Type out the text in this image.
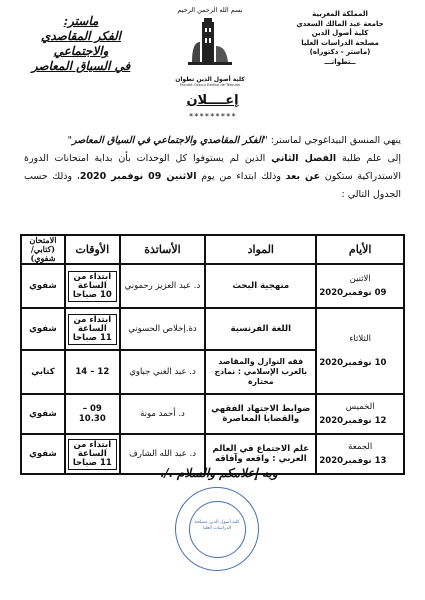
المملكة المغربية
جامعة عبد المالك السعدي
كلية أصول الدين
مصلحة الدراسات العليا
(ماستر - دكتوراه)
ــتطوانـــ
بسم الله الرحمن الرحيم
كلية أصول الدين تطوان
Faculté Ossoul Eddine de Tétouan
ماستر:
الفكر المقاصدي والاجتماعي
في السياق المعاصر
إعــــلان
*********
ينهي المنسق البيداغوجي لماستر: "الفكر المقاصدي والاجتماعي في السياق المعاصر"
إلى علم طلبة الفصل الثاني الذين لم يستوفوا كل الوحدات بأن بداية امتحانات الدورة الاستدراكية ستكون عن بعد وذلك ابتداء من يوم الاثنين 09 نوفمبر 2020، وذلك حسب الجدول التالي :
الأيام	المواد	الأساتذة	الأوقات	الامتحان (كتابي/ شفوي)
الاثنين
09 نوفمبر2020	منهجية البحث	د. عبد العزيز رحموني	ابتداء من الساعة 10 صباحا	شفوي
الثلاثاء

10 نوفمبر2020	اللغة الفرنسية	دة.إخلاص الحسوني	ابتداء من الساعة 11 صباحا	شفوي
	فقه النوازل والمقاصد بالغرب الإسلامي : نماذج مختارة	د. عبد الغني جباوي	12 – 14	كتابي
الخميس
12 نوفمبر2020	ضوابط الاجتهاد الفقهي والقضايا المعاصرة	د. أحمد مونة	09 – 10.30	شفوي
الجمعة
13 نوفمبر2020	علم الاجتماع في العالم العربي : واقعه وآفاقه	د. عبد الله الشارف	ابتداء من الساعة 11 صباحا	شفوي
وبه إعلامكم والسلام ./.
كلية أصول الدين مصلحة الدراسات العليا
